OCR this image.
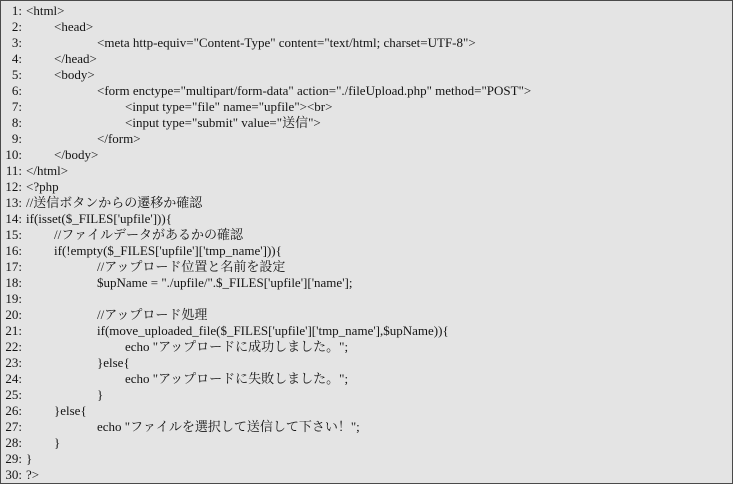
1: <html>
2:	<head>
3:	<meta http-equiv="Content-Type" content="text/html; charset=UTF-8">
4:	</head>
5:	<body>
6:	<form enctype="multipart/form-data" action="./fileUpload.php" method="POST">
7:	<input type="file" name="upfile"><br>
8:	<input type="submit" value="送信">
9:	</form>
10:	</body>
11: </html>
12: <?php
13: //送信ボタンからの遷移か確認
14: if(isset($_FILES['upfile'])){
15:	//ファイルデータがあるかの確認
16:	if(!empty($_FILES['upfile']['tmp_name'])){
17:	//アップロード位置と名前を設定
18:	$upName = "./upfile/".$_FILES['upfile']['name'];
19:
20:	//アップロード処理
21:	if(move_uploaded_file($_FILES['upfile']['tmp_name'],$upName)){
22:	echo "アップロードに成功しました。";
23:	}else{
24:	echo "アップロードに失敗しました。";
25:	}
26:	}else{
27:	echo "ファイルを選択して送信して下さい！";
28:	}
29: }
30: ?>
